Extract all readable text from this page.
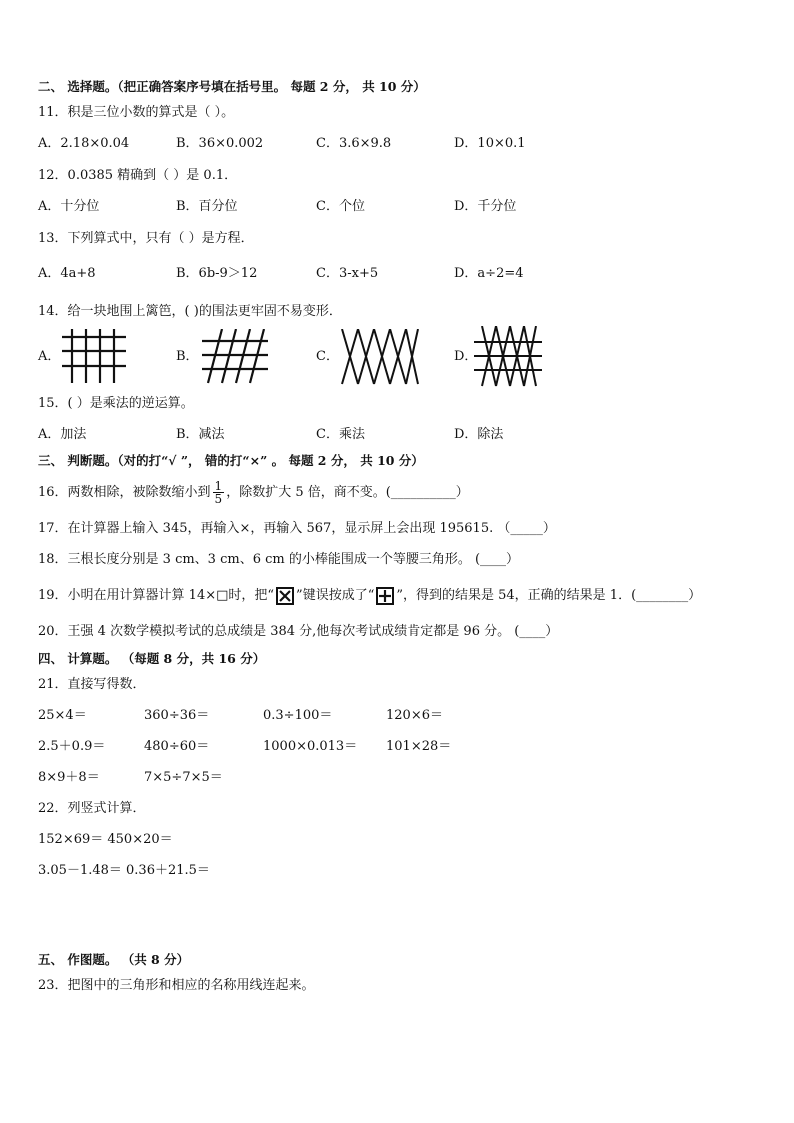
二、 选择题。（把正确答案序号填在括号里。 每题 2 分， 共 10 分）
11．积是三位小数的算式是（ ）。
A．2.18×0.04	B．36×0.002	C．3.6×9.8	D．10×0.1
12．0.0385 精确到（ ）是 0.1．
A．十分位	B．百分位	C．个位	D．千分位
13．下列算式中，只有（ ）是方程．
A．4a+8	B．6b-9＞12	C．3-x+5	D．a÷2=4
14．给一块地围上篱笆，( )的围法更牢固不易变形．
A．	B．	C．	D．
15．( ）是乘法的逆运算。
A．加法	B．减法	C．乘法	D．除法
三、 判断题。（对的打“√ ”， 错的打“×” 。 每题 2 分， 共 10 分）
16．两数相除，被除数缩小到 $\frac{1}{5}$ ，除数扩大 5 倍，商不变。(__________）
17．在计算器上输入 345，再输入×，再输入 567，显示屏上会出现 195615. （_____）
18．三根长度分别是 3 cm、3 cm、6 cm 的小棒能围成一个等腰三角形。 (____）
19．小明在用计算器计算 14×□时，把“ ”键误按成了“ ”，得到的结果是 54，正确的结果是 1．(________）
20．王强 4 次数学模拟考试的总成绩是 384 分,他每次考试成绩肯定都是 96 分。 (____）
四、 计算题。 （每题 8 分，共 16 分）
21．直接写得数．
25×4＝	360÷36＝	0.3÷100＝	120×6＝
2.5＋0.9＝	480÷60＝	1000×0.013＝ 101×28＝
8×9＋8＝	7×5÷7×5＝
22．列竖式计算．
152×69＝ 450×20＝
3.05－1.48＝ 0.36＋21.5＝
五、 作图题。 （共 8 分）
23．把图中的三角形和相应的名称用线连起来。
